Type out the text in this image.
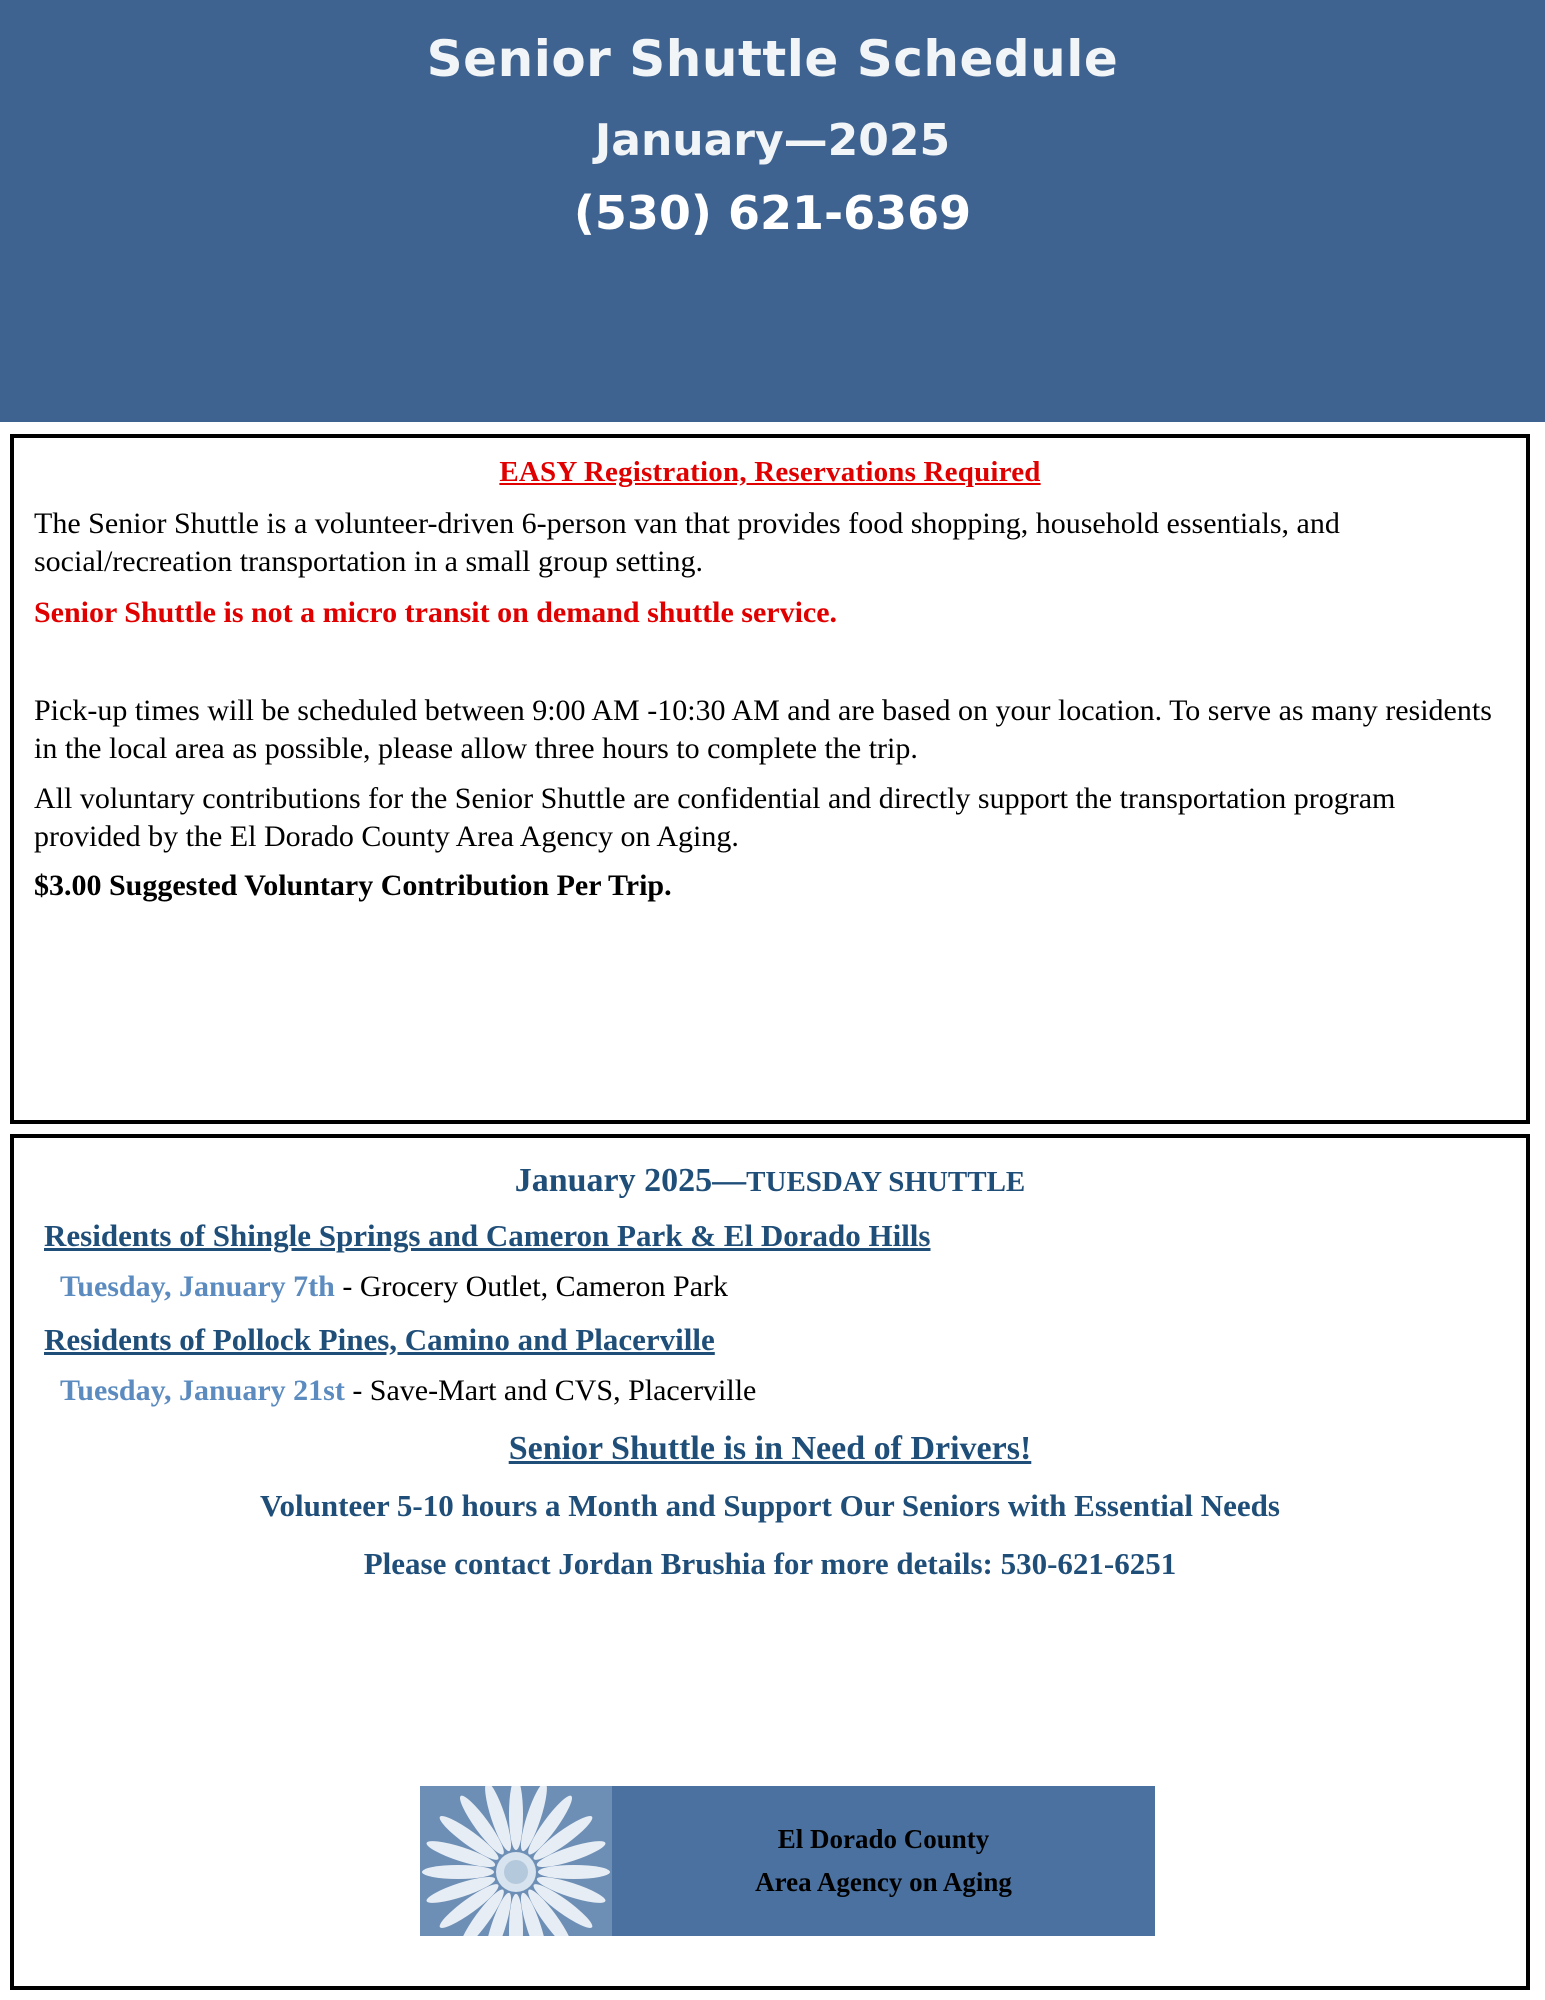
Senior Shuttle Schedule
January—2025
(530) 621-6369
EASY Registration, Reservations Required

The Senior Shuttle is a volunteer-driven 6-person van that provides food shopping, household essentials, and social/recreation transportation in a small group setting.

Senior Shuttle is not a micro transit on demand shuttle service.

Pick-up times will be scheduled between 9:00 AM -10:30 AM and are based on your location. To serve as many residents in the local area as possible, please allow three hours to complete the trip.

All voluntary contributions for the Senior Shuttle are confidential and directly support the transportation program provided by the El Dorado County Area Agency on Aging.

$3.00 Suggested Voluntary Contribution Per Trip.

January 2025—TUESDAY SHUTTLE
Residents of Shingle Springs and Cameron Park & El Dorado Hills
Tuesday, January 7th - Grocery Outlet, Cameron Park
Residents of Pollock Pines, Camino and Placerville
Tuesday, January 21st - Save-Mart and CVS, Placerville
Senior Shuttle is in Need of Drivers!
Volunteer 5-10 hours a Month and Support Our Seniors with Essential Needs
Please contact Jordan Brushia for more details: 530-621-6251
El Dorado County
Area Agency on Aging
